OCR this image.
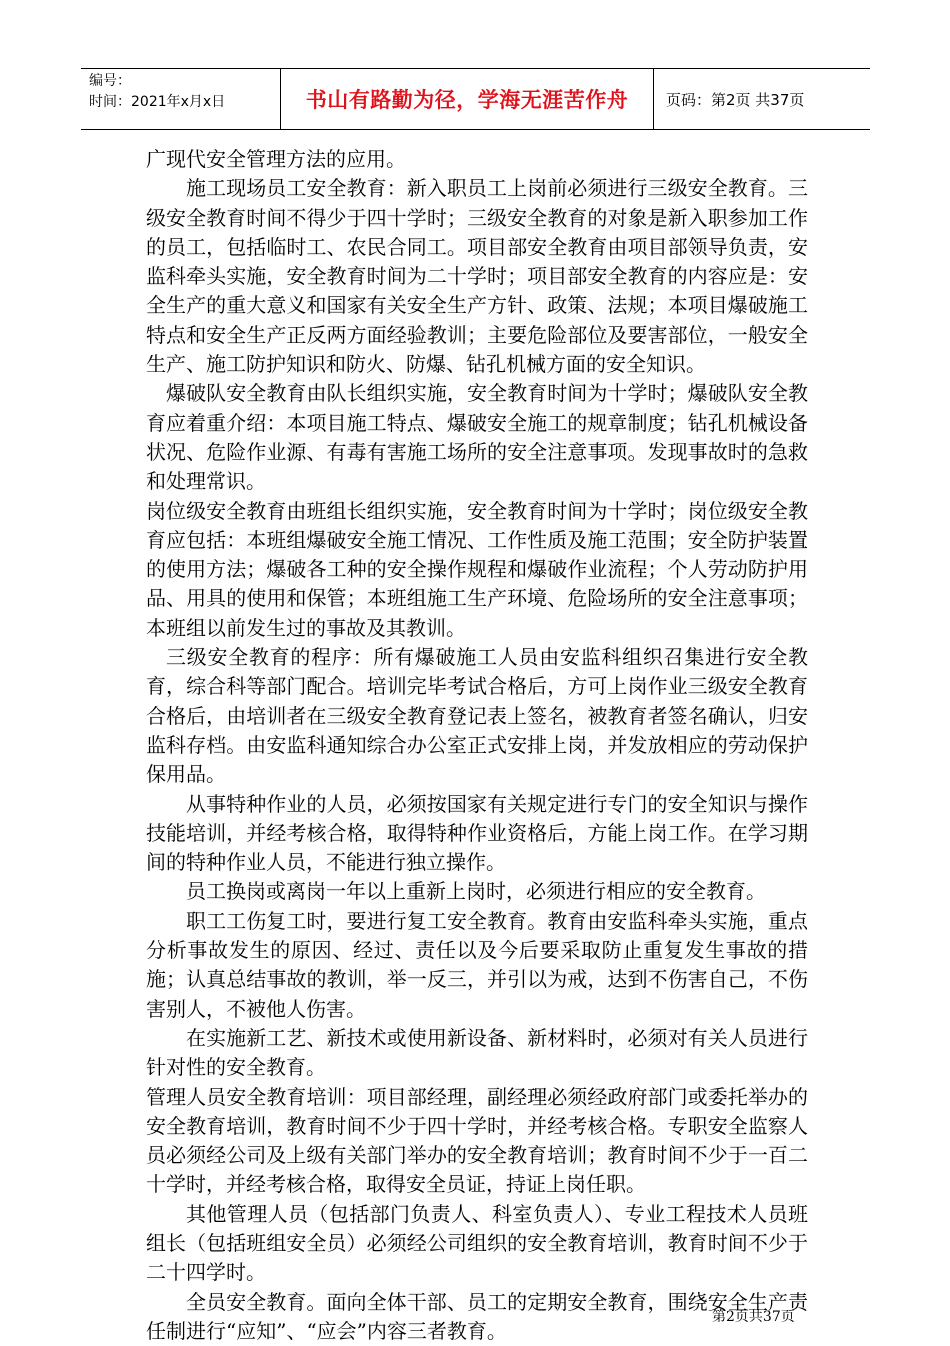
编号：
时间：2021年x月x日	书山有路勤为径，学海无涯苦作舟	页码：第2页 共37页

广现代安全管理方法的应用。

施工现场员工安全教育：新入职员工上岗前必须进行三级安全教育。三级安全教育时间不得少于四十学时；三级安全教育的对象是新入职参加工作的员工，包括临时工、农民合同工。项目部安全教育由项目部领导负责，安监科牵头实施，安全教育时间为二十学时；项目部安全教育的内容应是：安全生产的重大意义和国家有关安全生产方针、政策、法规；本项目爆破施工特点和安全生产正反两方面经验教训；主要危险部位及要害部位，一般安全生产、施工防护知识和防火、防爆、钻孔机械方面的安全知识。

爆破队安全教育由队长组织实施，安全教育时间为十学时；爆破队安全教育应着重介绍：本项目施工特点、爆破安全施工的规章制度；钻孔机械设备状况、危险作业源、有毒有害施工场所的安全注意事项。发现事故时的急救和处理常识。

岗位级安全教育由班组长组织实施，安全教育时间为十学时；岗位级安全教育应包括：本班组爆破安全施工情况、工作性质及施工范围；安全防护装置的使用方法；爆破各工种的安全操作规程和爆破作业流程；个人劳动防护用品、用具的使用和保管；本班组施工生产环境、危险场所的安全注意事项；本班组以前发生过的事故及其教训。

三级安全教育的程序：所有爆破施工人员由安监科组织召集进行安全教育，综合科等部门配合。培训完毕考试合格后，方可上岗作业三级安全教育合格后，由培训者在三级安全教育登记表上签名，被教育者签名确认，归安监科存档。由安监科通知综合办公室正式安排上岗，并发放相应的劳动保护保用品。

从事特种作业的人员，必须按国家有关规定进行专门的安全知识与操作技能培训，并经考核合格，取得特种作业资格后，方能上岗工作。在学习期间的特种作业人员，不能进行独立操作。

员工换岗或离岗一年以上重新上岗时，必须进行相应的安全教育。

职工工伤复工时，要进行复工安全教育。教育由安监科牵头实施，重点分析事故发生的原因、经过、责任以及今后要采取防止重复发生事故的措施；认真总结事故的教训，举一反三，并引以为戒，达到不伤害自己，不伤害别人，不被他人伤害。

在实施新工艺、新技术或使用新设备、新材料时，必须对有关人员进行针对性的安全教育。

管理人员安全教育培训：项目部经理，副经理必须经政府部门或委托举办的安全教育培训，教育时间不少于四十学时，并经考核合格。专职安全监察人员必须经公司及上级有关部门举办的安全教育培训；教育时间不少于一百二十学时，并经考核合格，取得安全员证，持证上岗任职。

其他管理人员（包括部门负责人、科室负责人）、专业工程技术人员班组长（包括班组安全员）必须经公司组织的安全教育培训，教育时间不少于二十四学时。

全员安全教育。面向全体干部、员工的定期安全教育，围绕安全生产责任制进行“应知”、“应会”内容三者教育。

第2页共37页
